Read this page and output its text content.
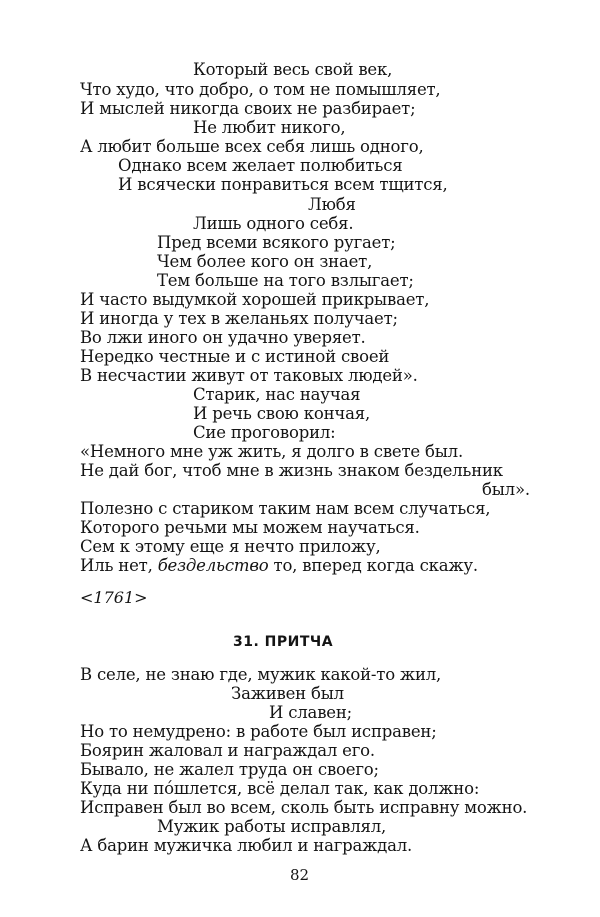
Который весь свой век,
Что худо, что добро, о том не помышляет,
И мыслей никогда своих не разбирает;
Не любит никого,
А любит больше всех себя лишь одного,
Однако всем желает полюбиться
И всячески понравиться всем тщится,
Любя
Лишь одного себя.
Пред всеми всякого ругает;
Чем более кого он знает,
Тем больше на того взлыгает;
И часто выдумкой хорошей прикрывает,
И иногда у тех в желаньях получает;
Во лжи иного он удачно уверяет.
Нередко честные и с истиной своей
В несчастии живут от таковых людей».
Старик, нас научая
И речь свою кончая,
Сие проговорил:
«Немного мне уж жить, я долго в свете был.
Не дай бог, чтоб мне в жизнь знаком бездельник
был».
Полезно с стариком таким нам всем случаться,
Которого речьми мы можем научаться.
Сем к этому еще я нечто приложу,
Иль нет, бездельство то, вперед когда скажу.
<1761>
31. ПРИТЧА
В селе, не знаю где, мужик какой-то жил,
Заживен был
И славен;
Но то немудрено: в работе был исправен;
Боярин жаловал и награждал его.
Бывало, не жалел труда он своего;
Куда ни пóшлется, всё делал так, как должно:
Исправен был во всем, сколь быть исправну можно.
Мужик работы исправлял,
А барин мужичка любил и награждал.
82
